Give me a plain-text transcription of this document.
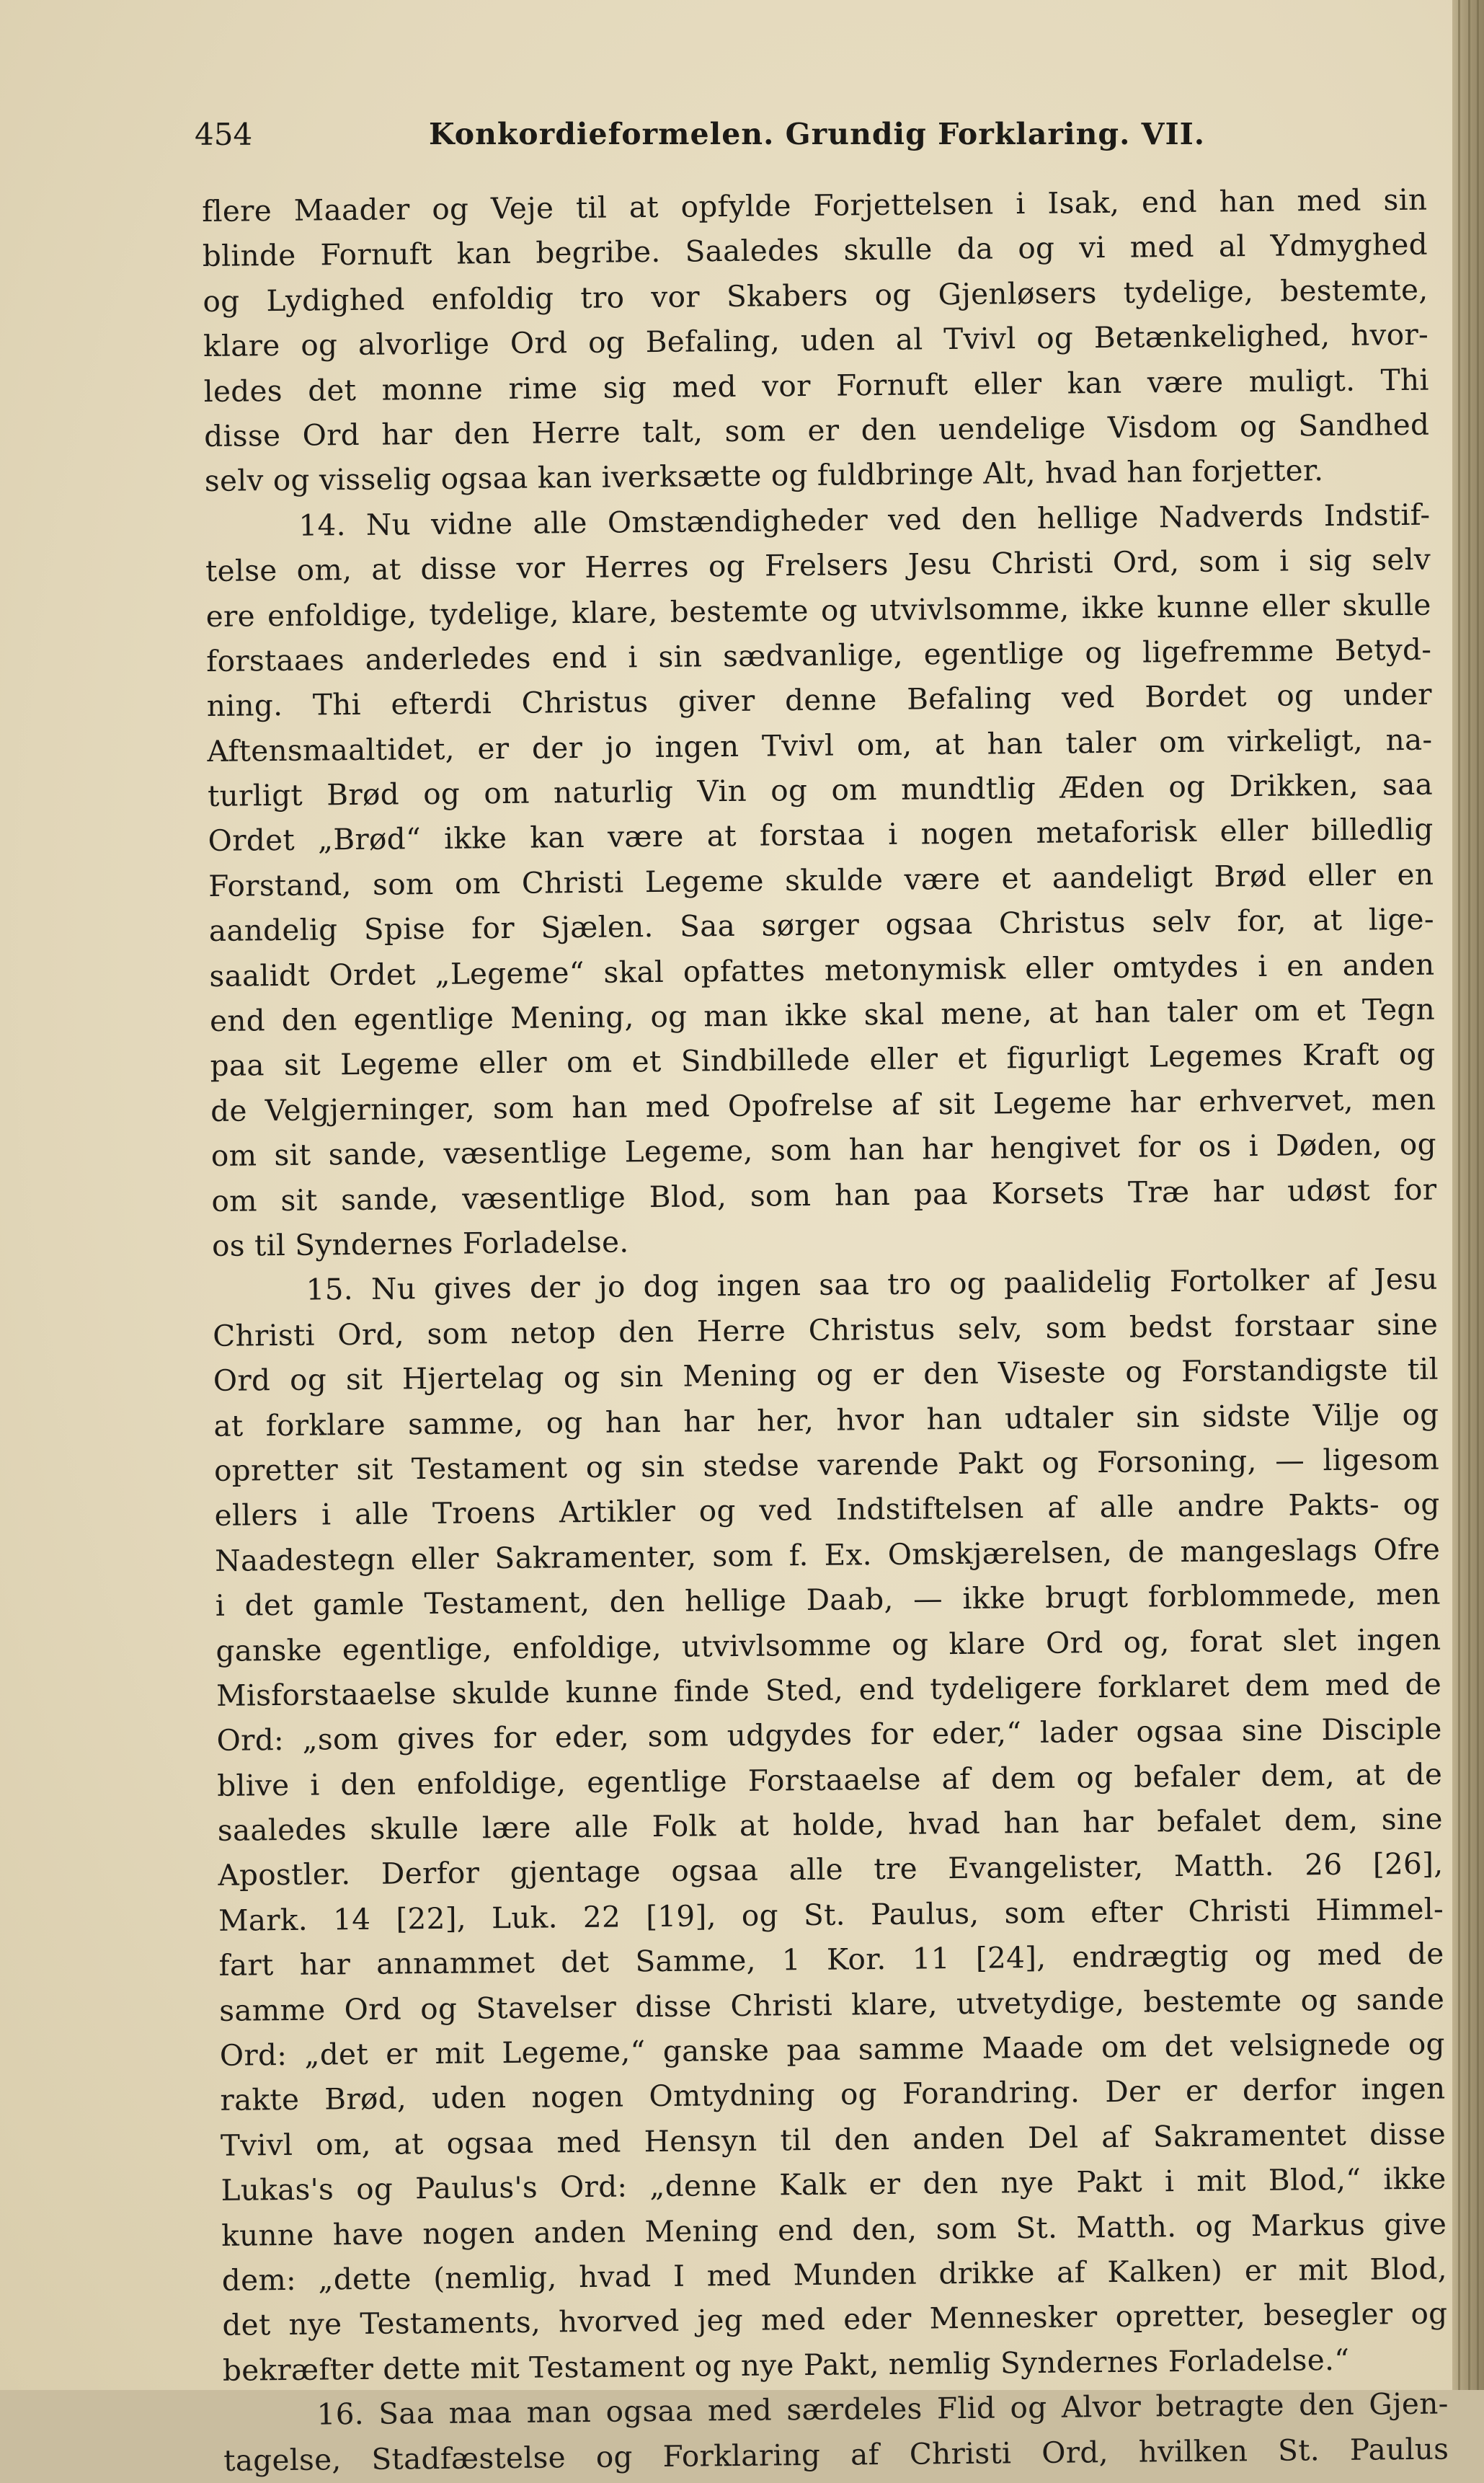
454	Konkordieformelen. Grundig Forklaring. VII.
flere Maader og Veje til at opfylde Forjettelsen i Isak, end han med sin
blinde Fornuft kan begribe. Saaledes skulle da og vi med al Ydmyghed
og Lydighed enfoldig tro vor Skabers og Gjenløsers tydelige, bestemte,
klare og alvorlige Ord og Befaling, uden al Tvivl og Betænkelighed, hvor-
ledes det monne rime sig med vor Fornuft eller kan være muligt. Thi
disse Ord har den Herre talt, som er den uendelige Visdom og Sandhed
selv og visselig ogsaa kan iverksætte og fuldbringe Alt, hvad han forjetter.
14. Nu vidne alle Omstændigheder ved den hellige Nadverds Indstif-
telse om, at disse vor Herres og Frelsers Jesu Christi Ord, som i sig selv
ere enfoldige, tydelige, klare, bestemte og utvivlsomme, ikke kunne eller skulle
forstaaes anderledes end i sin sædvanlige, egentlige og ligefremme Betyd-
ning. Thi efterdi Christus giver denne Befaling ved Bordet og under
Aftensmaaltidet, er der jo ingen Tvivl om, at han taler om virkeligt, na-
turligt Brød og om naturlig Vin og om mundtlig Æden og Drikken, saa
Ordet „Brød“ ikke kan være at forstaa i nogen metaforisk eller billedlig
Forstand, som om Christi Legeme skulde være et aandeligt Brød eller en
aandelig Spise for Sjælen. Saa sørger ogsaa Christus selv for, at lige-
saalidt Ordet „Legeme“ skal opfattes metonymisk eller omtydes i en anden
end den egentlige Mening, og man ikke skal mene, at han taler om et Tegn
paa sit Legeme eller om et Sindbillede eller et figurligt Legemes Kraft og
de Velgjerninger, som han med Opofrelse af sit Legeme har erhvervet, men
om sit sande, væsentlige Legeme, som han har hengivet for os i Døden, og
om sit sande, væsentlige Blod, som han paa Korsets Træ har udøst for
os til Syndernes Forladelse.
15. Nu gives der jo dog ingen saa tro og paalidelig Fortolker af Jesu
Christi Ord, som netop den Herre Christus selv, som bedst forstaar sine
Ord og sit Hjertelag og sin Mening og er den Viseste og Forstandigste til
at forklare samme, og han har her, hvor han udtaler sin sidste Vilje og
opretter sit Testament og sin stedse varende Pakt og Forsoning, — ligesom
ellers i alle Troens Artikler og ved Indstiftelsen af alle andre Pakts- og
Naadestegn eller Sakramenter, som f. Ex. Omskjærelsen, de mangeslags Ofre
i det gamle Testament, den hellige Daab, — ikke brugt forblommede, men
ganske egentlige, enfoldige, utvivlsomme og klare Ord og, forat slet ingen
Misforstaaelse skulde kunne finde Sted, end tydeligere forklaret dem med de
Ord: „som gives for eder, som udgydes for eder,“ lader ogsaa sine Disciple
blive i den enfoldige, egentlige Forstaaelse af dem og befaler dem, at de
saaledes skulle lære alle Folk at holde, hvad han har befalet dem, sine
Apostler. Derfor gjentage ogsaa alle tre Evangelister, Matth. 26 [26],
Mark. 14 [22], Luk. 22 [19], og St. Paulus, som efter Christi Himmel-
fart har annammet det Samme, 1 Kor. 11 [24], endrægtig og med de
samme Ord og Stavelser disse Christi klare, utvetydige, bestemte og sande
Ord: „det er mit Legeme,“ ganske paa samme Maade om det velsignede og
rakte Brød, uden nogen Omtydning og Forandring. Der er derfor ingen
Tvivl om, at ogsaa med Hensyn til den anden Del af Sakramentet disse
Lukas's og Paulus's Ord: „denne Kalk er den nye Pakt i mit Blod,“ ikke
kunne have nogen anden Mening end den, som St. Matth. og Markus give
dem: „dette (nemlig, hvad I med Munden drikke af Kalken) er mit Blod,
det nye Testaments, hvorved jeg med eder Mennesker opretter, besegler og
bekræfter dette mit Testament og nye Pakt, nemlig Syndernes Forladelse.“
16. Saa maa man ogsaa med særdeles Flid og Alvor betragte den Gjen-
tagelse, Stadfæstelse og Forklaring af Christi Ord, hvilken St. Paulus
